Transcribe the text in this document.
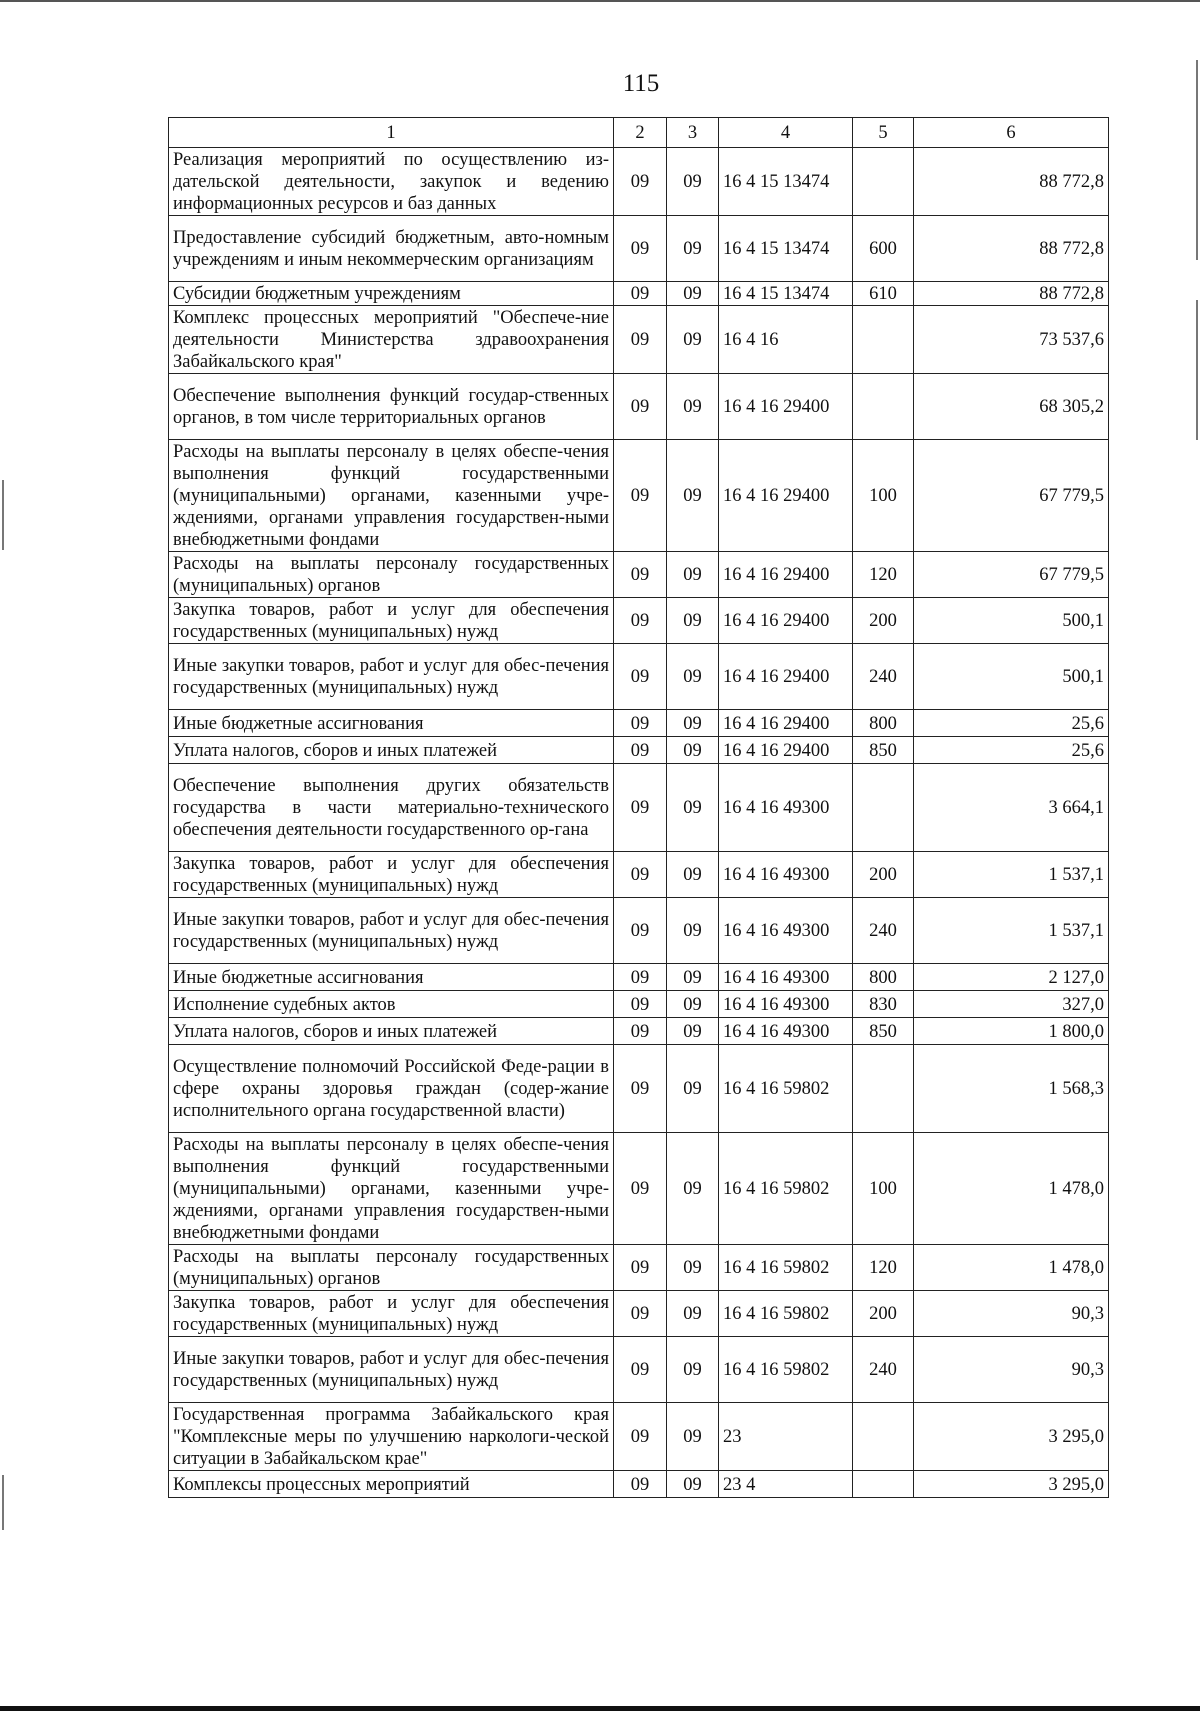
115
1	2	3	4	5	6
Реализация мероприятий по осуществлению из-дательской деятельности, закупок и ведению информационных ресурсов и баз данных	09	09	16 4 15 13474		88 772,8
Предоставление субсидий бюджетным, авто-номным учреждениям и иным некоммерческим организациям	09	09	16 4 15 13474	600	88 772,8
Субсидии бюджетным учреждениям	09	09	16 4 15 13474	610	88 772,8
Комплекс процессных мероприятий "Обеспече-ние деятельности Министерства здравоохранения Забайкальского края"	09	09	16 4 16		73 537,6
Обеспечение выполнения функций государ-ственных органов, в том числе территориальных органов	09	09	16 4 16 29400		68 305,2
Расходы на выплаты персоналу в целях обеспе-чения выполнения функций государственными (муниципальными) органами, казенными учре-ждениями, органами управления государствен-ными внебюджетными фондами	09	09	16 4 16 29400	100	67 779,5
Расходы на выплаты персоналу государственных (муниципальных) органов	09	09	16 4 16 29400	120	67 779,5
Закупка товаров, работ и услуг для обеспечения государственных (муниципальных) нужд	09	09	16 4 16 29400	200	500,1
Иные закупки товаров, работ и услуг для обес-печения государственных (муниципальных) нужд	09	09	16 4 16 29400	240	500,1
Иные бюджетные ассигнования	09	09	16 4 16 29400	800	25,6
Уплата налогов, сборов и иных платежей	09	09	16 4 16 29400	850	25,6
Обеспечение выполнения других обязательств государства в части материально-технического обеспечения деятельности государственного ор-гана	09	09	16 4 16 49300		3 664,1
Закупка товаров, работ и услуг для обеспечения государственных (муниципальных) нужд	09	09	16 4 16 49300	200	1 537,1
Иные закупки товаров, работ и услуг для обес-печения государственных (муниципальных) нужд	09	09	16 4 16 49300	240	1 537,1
Иные бюджетные ассигнования	09	09	16 4 16 49300	800	2 127,0
Исполнение судебных актов	09	09	16 4 16 49300	830	327,0
Уплата налогов, сборов и иных платежей	09	09	16 4 16 49300	850	1 800,0
Осуществление полномочий Российской Феде-рации в сфере охраны здоровья граждан (содер-жание исполнительного органа государственной власти)	09	09	16 4 16 59802		1 568,3
Расходы на выплаты персоналу в целях обеспе-чения выполнения функций государственными (муниципальными) органами, казенными учре-ждениями, органами управления государствен-ными внебюджетными фондами	09	09	16 4 16 59802	100	1 478,0
Расходы на выплаты персоналу государственных (муниципальных) органов	09	09	16 4 16 59802	120	1 478,0
Закупка товаров, работ и услуг для обеспечения государственных (муниципальных) нужд	09	09	16 4 16 59802	200	90,3
Иные закупки товаров, работ и услуг для обес-печения государственных (муниципальных) нужд	09	09	16 4 16 59802	240	90,3
Государственная программа Забайкальского края "Комплексные меры по улучшению наркологи-ческой ситуации в Забайкальском крае"	09	09	23		3 295,0
Комплексы процессных мероприятий	09	09	23 4		3 295,0
